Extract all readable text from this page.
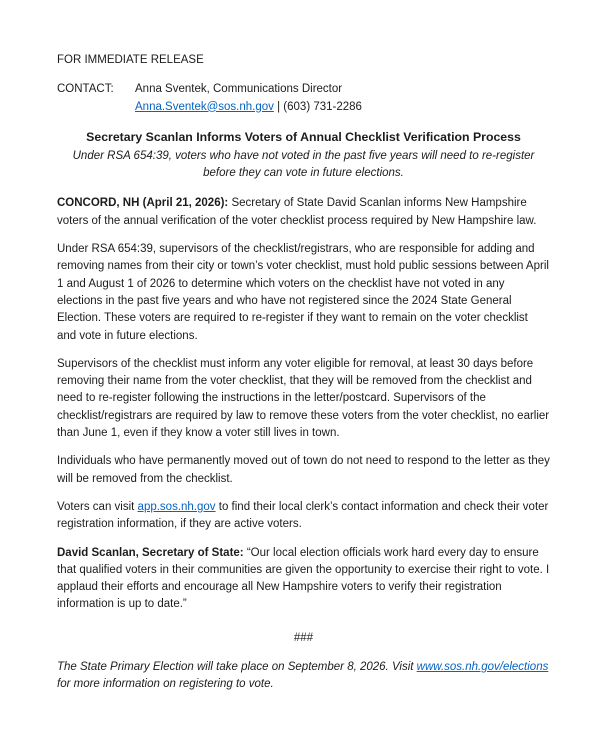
FOR IMMEDIATE RELEASE

CONTACT:	Anna Sventek, Communications Director
Anna.Sventek@sos.nh.gov | (603) 731-2286
Secretary Scanlan Informs Voters of Annual Checklist Verification Process

Under RSA 654:39, voters who have not voted in the past five years will need to re-register before they can vote in future elections.

CONCORD, NH (April 21, 2026): Secretary of State David Scanlan informs New Hampshire voters of the annual verification of the voter checklist process required by New Hampshire law.

Under RSA 654:39, supervisors of the checklist/registrars, who are responsible for adding and removing names from their city or town’s voter checklist, must hold public sessions between April 1 and August 1 of 2026 to determine which voters on the checklist have not voted in any elections in the past five years and who have not registered since the 2024 State General Election. These voters are required to re-register if they want to remain on the voter checklist and vote in future elections.

Supervisors of the checklist must inform any voter eligible for removal, at least 30 days before removing their name from the voter checklist, that they will be removed from the checklist and need to re-register following the instructions in the letter/postcard. Supervisors of the checklist/registrars are required by law to remove these voters from the voter checklist, no earlier than June 1, even if they know a voter still lives in town.

Individuals who have permanently moved out of town do not need to respond to the letter as they will be removed from the checklist.

Voters can visit app.sos.nh.gov to find their local clerk’s contact information and check their voter registration information, if they are active voters.

David Scanlan, Secretary of State: “Our local election officials work hard every day to ensure that qualified voters in their communities are given the opportunity to exercise their right to vote. I applaud their efforts and encourage all New Hampshire voters to verify their registration information is up to date.”

###

The State Primary Election will take place on September 8, 2026. Visit www.sos.nh.gov/elections for more information on registering to vote.
